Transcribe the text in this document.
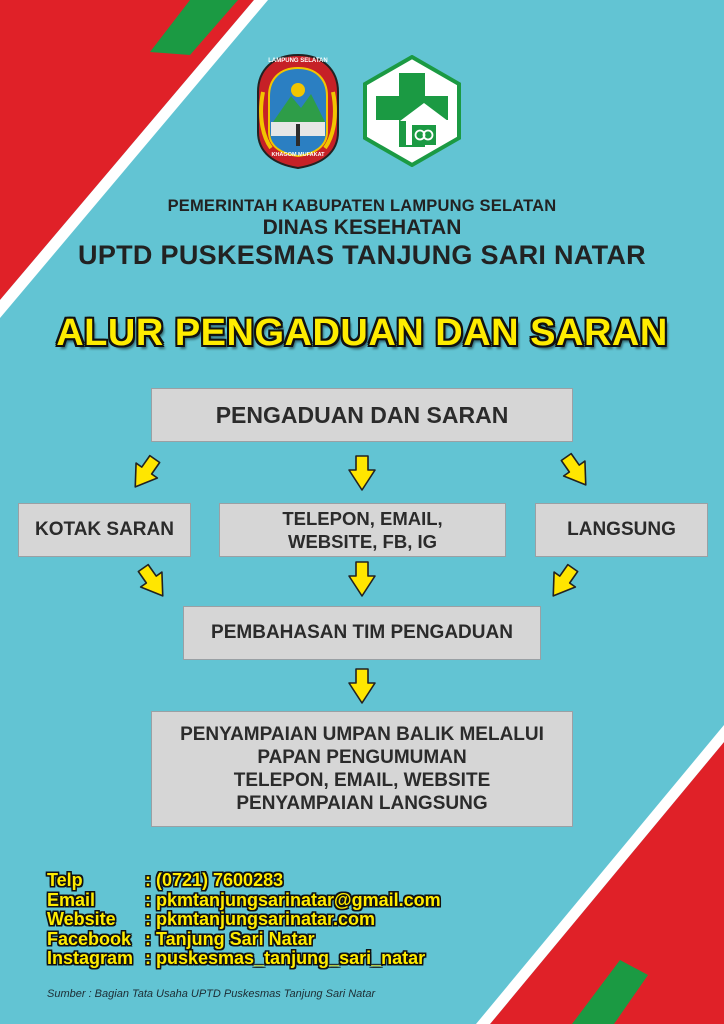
LAMPUNG SELATAN
KHAGOM MUFAKAT
PEMERINTAH KABUPATEN LAMPUNG SELATAN
DINAS KESEHATAN
UPTD PUSKESMAS TANJUNG SARI NATAR
ALUR PENGADUAN DAN SARAN
PENGADUAN DAN SARAN
KOTAK SARAN
TELEPON, EMAIL,
WEBSITE, FB, IG
LANGSUNG
PEMBAHASAN TIM PENGADUAN
PENYAMPAIAN UMPAN BALIK MELALUI
PAPAN PENGUMUMAN
TELEPON, EMAIL, WEBSITE
PENYAMPAIAN LANGSUNG
Telp	: (0721) 7600283
Email	: pkmtanjungsarinatar@gmail.com
Website : pkmtanjungsarinatar.com
Facebook : Tanjung Sari Natar
Instagram : puskesmas_tanjung_sari_natar
Sumber : Bagian Tata Usaha UPTD Puskesmas Tanjung Sari Natar
